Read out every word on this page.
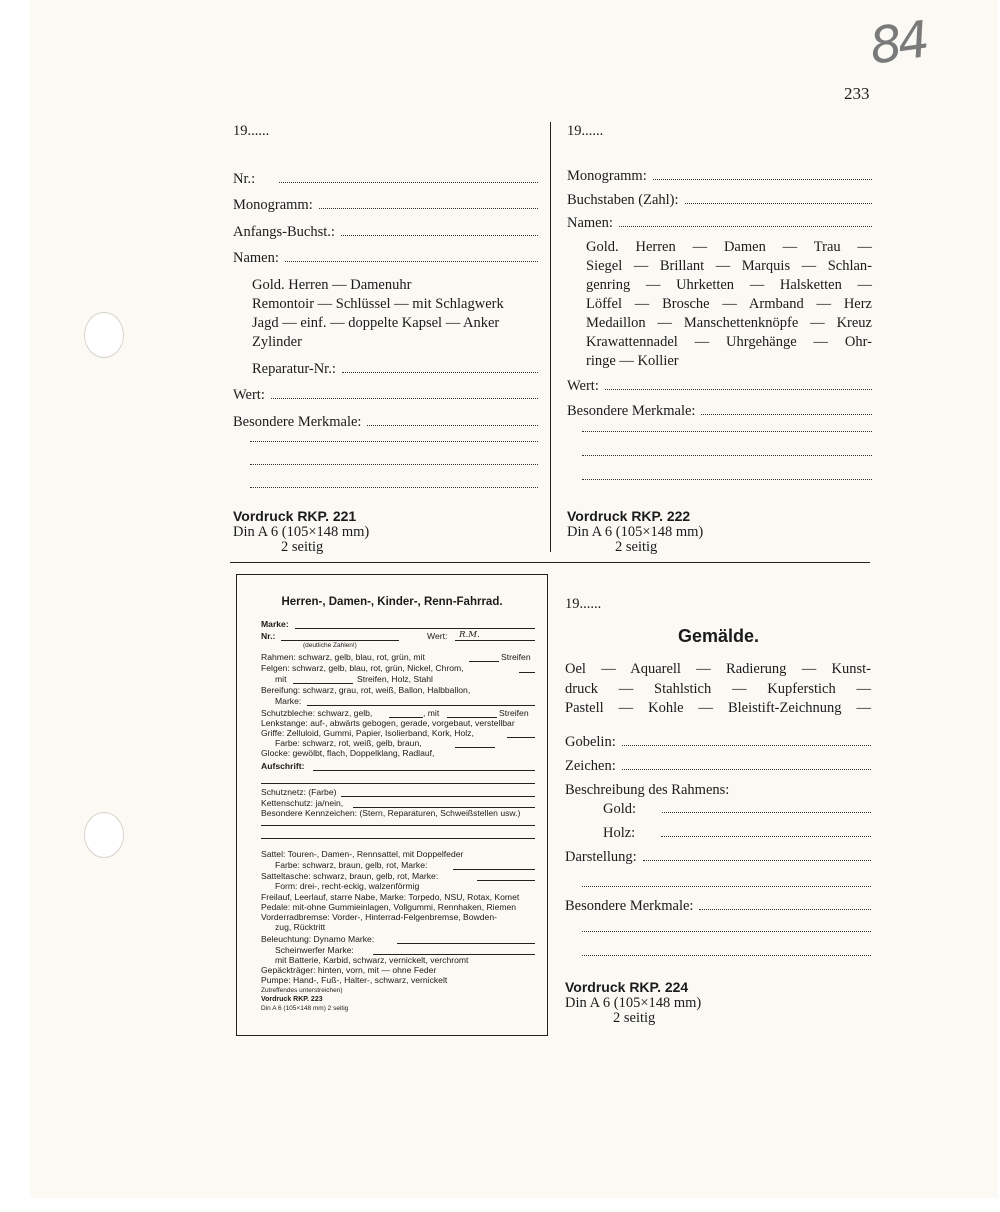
84
233
19......
Nr.:
Monogramm:
Anfangs-Buchst.:
Namen:
Gold. Herren — Damenuhr
Remontoir — Schlüssel — mit Schlagwerk
Jagd — einf. — doppelte Kapsel — Anker
Zylinder
Reparatur-Nr.:
Wert:
Besondere Merkmale:
Vordruck RKP. 221
Din A 6 (105×148 mm)
2 seitig
19......
Monogramm:
Buchstaben (Zahl):
Namen:
Gold. Herren — Damen — Trau —
Siegel — Brillant — Marquis — Schlan-
genring — Uhrketten — Halsketten —
Löffel — Brosche — Armband — Herz
Medaillon — Manschettenknöpfe — Kreuz
Krawattennadel — Uhrgehänge — Ohr-
ringe — Kollier
Wert:
Besondere Merkmale:
Vordruck RKP. 222
Din A 6 (105×148 mm)
2 seitig
Herren-, Damen-, Kinder-, Renn-Fahrrad.
Marke:
Nr.:	Wert: R.M.
(deutliche Zahlen!)
Rahmen: schwarz, gelb, blau, rot, grün, mit	Streifen
Felgen: schwarz, gelb, blau, rot, grün, Nickel, Chrom,
mit	Streifen, Holz, Stahl
Bereifung: schwarz, grau, rot, weiß, Ballon, Halbballon,
Marke:
Schutzbleche: schwarz, gelb,	, mit	Streifen
Lenkstange: auf-, abwärts gebogen, gerade, vorgebaut, verstellbar
Griffe: Zelluloid, Gummi, Papier, Isolierband, Kork, Holz,
Farbe: schwarz, rot, weiß, gelb, braun,
Glocke: gewölbt, flach, Doppelklang, Radlauf,
Aufschrift:
Schutznetz: (Farbe)
Kettenschutz: ja/nein,
Besondere Kennzeichen: (Stern, Reparaturen, Schweißstellen usw.)
Sattel: Touren-, Damen-, Rennsattel, mit Doppelfeder
Farbe: schwarz, braun, gelb, rot, Marke:
Satteltasche: schwarz, braun, gelb, rot, Marke:
Form: drei-, recht-eckig, walzenförmig
Freilauf, Leerlauf, starre Nabe, Marke: Torpedo, NSU, Rotax, Komet
Pedale: mit-ohne Gummieinlagen, Vollgummi, Rennhaken, Riemen
Vorderradbremse: Vorder-, Hinterrad-Felgenbremse, Bowden-
zug, Rücktritt
Beleuchtung: Dynamo Marke:
Scheinwerfer Marke:
mit Batterie, Karbid, schwarz, vernickelt, verchromt
Gepäckträger: hinten, vorn, mit — ohne Feder
Pumpe: Hand-, Fuß-, Halter-, schwarz, vernickelt
Zutreffendes unterstreichen)
Vordruck RKP. 223
Din A 6 (105×148 mm) 2 seitig
19......
Gemälde.
Oel — Aquarell — Radierung — Kunst-
druck — Stahlstich — Kupferstich —
Pastell — Kohle — Bleistift-Zeichnung —
Gobelin:
Zeichen:
Beschreibung des Rahmens:
Gold:
Holz:
Darstellung:
Besondere Merkmale:
Vordruck RKP. 224
Din A 6 (105×148 mm)
2 seitig
